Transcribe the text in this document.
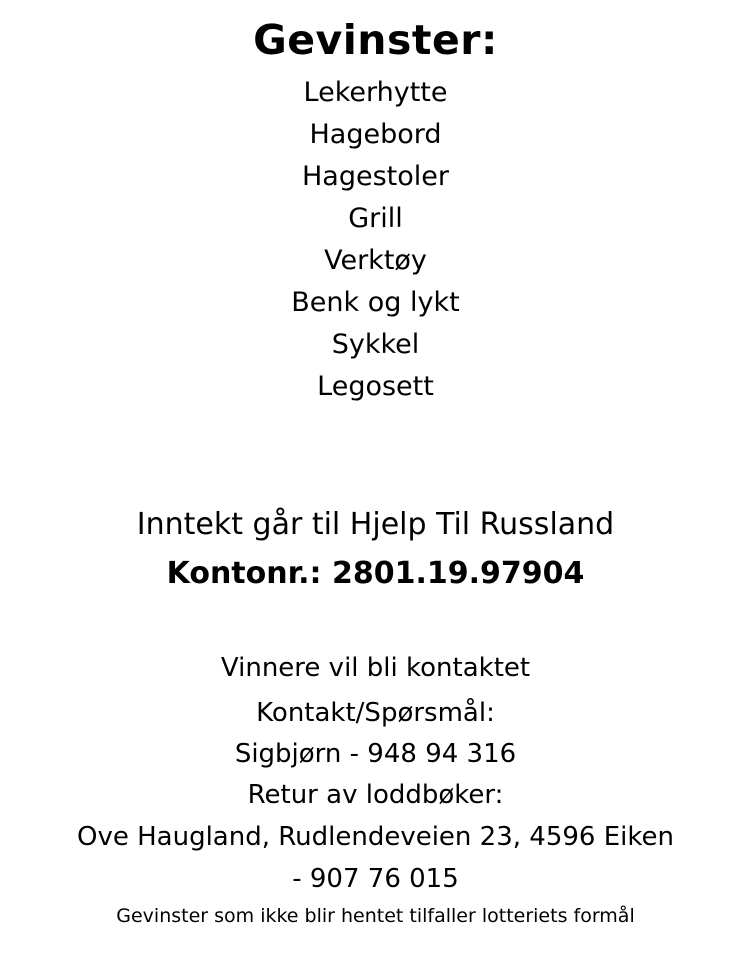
Gevinster:
Lekerhytte
Hagebord
Hagestoler
Grill
Verktøy
Benk og lykt
Sykkel
Legosett
Inntekt går til Hjelp Til Russland
Kontonr.: 2801.19.97904
Vinnere vil bli kontaktet
Kontakt/Spørsmål:
Sigbjørn - 948 94 316
Retur av loddbøker:
Ove Haugland, Rudlendeveien 23, 4596 Eiken
- 907 76 015
Gevinster som ikke blir hentet tilfaller lotteriets formål
